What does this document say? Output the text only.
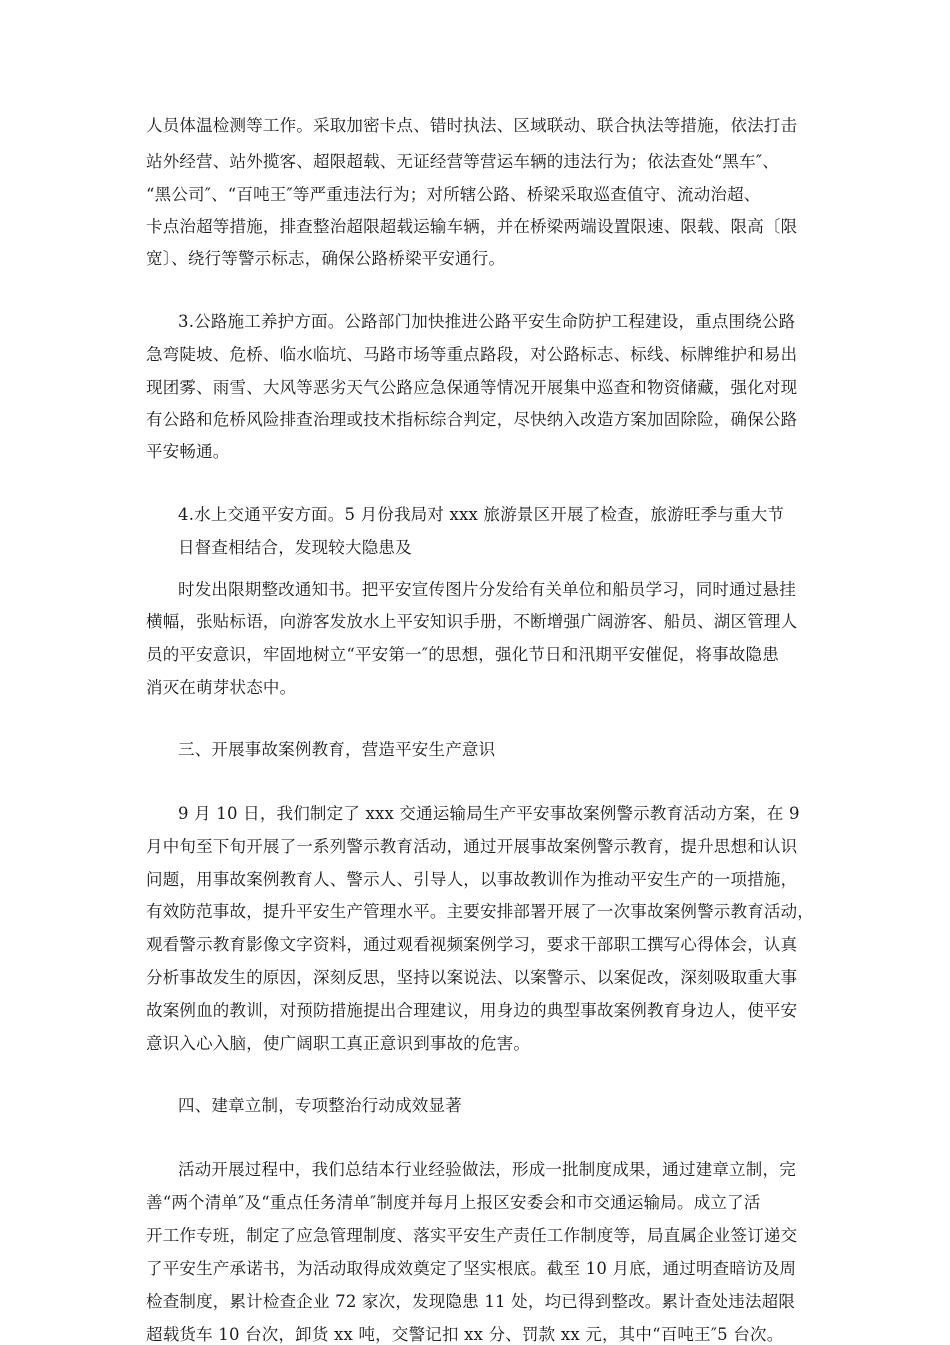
人员体温检测等工作。采取加密卡点、错时执法、区域联动、联合执法等措施，依法打击
站外经营、站外揽客、超限超载、无证经营等营运车辆的违法行为；依法查处“黑车″、
“黑公司″、“百吨王″等严重违法行为；对所辖公路、桥梁采取巡查值守、流动治超、
卡点治超等措施，排查整治超限超载运输车辆，并在桥梁两端设置限速、限载、限高〔限
宽〕、绕行等警示标志，确保公路桥梁平安通行。
3.公路施工养护方面。公路部门加快推进公路平安生命防护工程建设，重点围绕公路
急弯陡坡、危桥、临水临坑、马路市场等重点路段，对公路标志、标线、标牌维护和易出
现团雾、雨雪、大风等恶劣天气公路应急保通等情况开展集中巡查和物资储藏，强化对现
有公路和危桥风险排查治理或技术指标综合判定，尽快纳入改造方案加固除险，确保公路
平安畅通。
4.水上交通平安方面。5 月份我局对 xxx 旅游景区开展了检查，旅游旺季与重大节
日督查相结合，发现较大隐患及
时发出限期整改通知书。把平安宣传图片分发给有关单位和船员学习，同时通过悬挂
横幅，张贴标语，向游客发放水上平安知识手册，不断增强广阔游客、船员、湖区管理人
员的平安意识，牢固地树立“平安第一″的思想，强化节日和汛期平安催促，将事故隐患
消灭在萌芽状态中。
三、开展事故案例教育，营造平安生产意识
9 月 10 日，我们制定了 xxx 交通运输局生产平安事故案例警示教育活动方案，在 9
月中旬至下旬开展了一系列警示教育活动，通过开展事故案例警示教育，提升思想和认识
问题，用事故案例教育人、警示人、引导人，以事故教训作为推动平安生产的一项措施，
有效防范事故，提升平安生产管理水平。主要安排部署开展了一次事故案例警示教育活动，
观看警示教育影像文字资料，通过观看视频案例学习，要求干部职工撰写心得体会，认真
分析事故发生的原因，深刻反思，坚持以案说法、以案警示、以案促改，深刻吸取重大事
故案例血的教训，对预防措施提出合理建议，用身边的典型事故案例教育身边人，使平安
意识入心入脑，使广阔职工真正意识到事故的危害。
四、建章立制，专项整治行动成效显著
活动开展过程中，我们总结本行业经验做法，形成一批制度成果，通过建章立制，完
善“两个清单″及“重点任务清单″制度并每月上报区安委会和市交通运输局。成立了活
开工作专班，制定了应急管理制度、落实平安生产责任工作制度等，局直属企业签订递交
了平安生产承诺书，为活动取得成效奠定了坚实根底。截至 10 月底，通过明查暗访及周
检查制度，累计检查企业 72 家次，发现隐患 11 处，均已得到整改。累计查处违法超限
超载货车 10 台次，卸货 xx 吨，交警记扣 xx 分、罚款 xx 元，其中“百吨王″5 台次。
